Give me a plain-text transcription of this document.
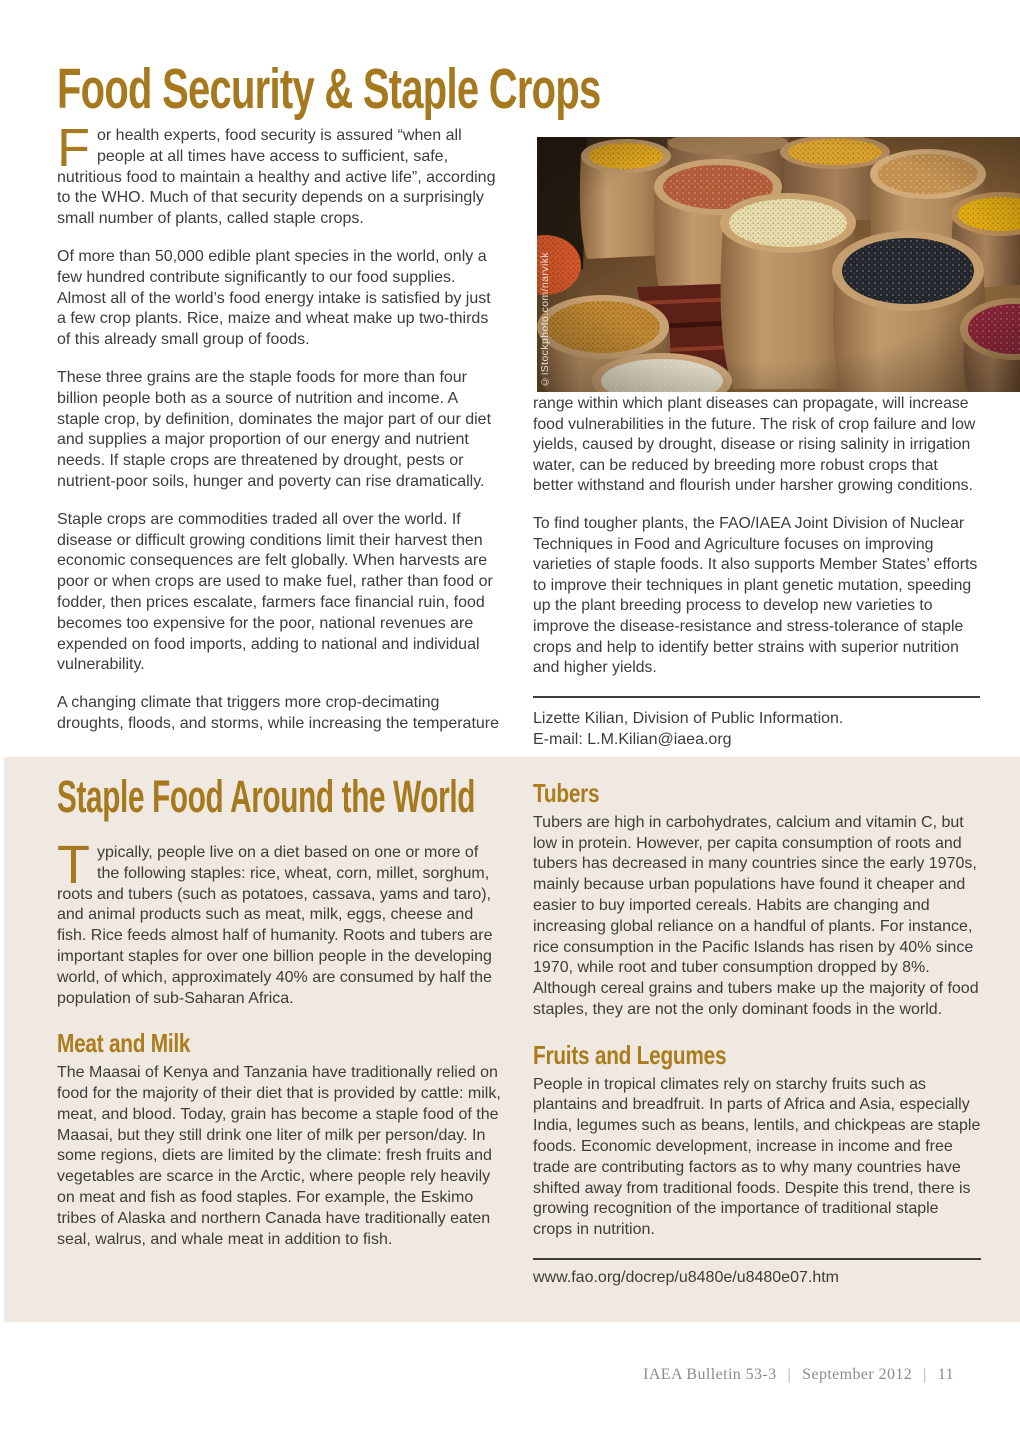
Food Security & Staple Crops

For health experts, food security is assured “when all people at all times have access to sufficient, safe, nutritious food to maintain a healthy and active life”, according to the WHO. Much of that security depends on a surprisingly small number of plants, called staple crops.

Of more than 50,000 edible plant species in the world, only a few hundred contribute significantly to our food supplies. Almost all of the world’s food energy intake is satisfied by just a few crop plants. Rice, maize and wheat make up two-thirds of this already small group of foods.

These three grains are the staple foods for more than four billion people both as a source of nutrition and income. A staple crop, by definition, dominates the major part of our diet and supplies a major proportion of our energy and nutrient needs. If staple crops are threatened by drought, pests or nutrient-poor soils, hunger and poverty can rise dramatically.

Staple crops are commodities traded all over the world. If disease or difficult growing conditions limit their harvest then economic consequences are felt globally. When harvests are poor or when crops are used to make fuel, rather than food or fodder, then prices escalate, farmers face financial ruin, food becomes too expensive for the poor, national revenues are expended on food imports, adding to national and individual vulnerability.

A changing climate that triggers more crop-decimating droughts, floods, and storms, while increasing the temperature

©iStockphoto.com/narvikk

range within which plant diseases can propagate, will increase food vulnerabilities in the future. The risk of crop failure and low yields, caused by drought, disease or rising salinity in irrigation water, can be reduced by breeding more robust crops that better withstand and flourish under harsher growing conditions.

To find tougher plants, the FAO/IAEA Joint Division of Nuclear Techniques in Food and Agriculture focuses on improving varieties of staple foods. It also supports Member States’ efforts to improve their techniques in plant genetic mutation, speeding up the plant breeding process to develop new varieties to improve the disease-resistance and stress-tolerance of staple crops and help to identify better strains with superior nutrition and higher yields.

Lizette Kilian, Division of Public Information.

E-mail: L.M.Kilian@iaea.org

Staple Food Around the World

Typically, people live on a diet based on one or more of the following staples: rice, wheat, corn, millet, sorghum, roots and tubers (such as potatoes, cassava, yams and taro), and animal products such as meat, milk, eggs, cheese and fish. Rice feeds almost half of humanity. Roots and tubers are important staples for over one billion people in the developing world, of which, approximately 40% are consumed by half the population of sub-Saharan Africa.

Meat and Milk

The Maasai of Kenya and Tanzania have traditionally relied on food for the majority of their diet that is provided by cattle: milk, meat, and blood. Today, grain has become a staple food of the Maasai, but they still drink one liter of milk per person/day. In some regions, diets are limited by the climate: fresh fruits and vegetables are scarce in the Arctic, where people rely heavily on meat and fish as food staples. For example, the Eskimo tribes of Alaska and northern Canada have traditionally eaten seal, walrus, and whale meat in addition to fish.

Tubers

Tubers are high in carbohydrates, calcium and vitamin C, but low in protein. However, per capita consumption of roots and tubers has decreased in many countries since the early 1970s, mainly because urban populations have found it cheaper and easier to buy imported cereals. Habits are changing and increasing global reliance on a handful of plants. For instance, rice consumption in the Pacific Islands has risen by 40% since 1970, while root and tuber consumption dropped by 8%. Although cereal grains and tubers make up the majority of food staples, they are not the only dominant foods in the world.

Fruits and Legumes

People in tropical climates rely on starchy fruits such as plantains and breadfruit. In parts of Africa and Asia, especially India, legumes such as beans, lentils, and chickpeas are staple foods. Economic development, increase in income and free trade are contributing factors as to why many countries have shifted away from traditional foods. Despite this trend, there is growing recognition of the importance of traditional staple crops in nutrition.

www.fao.org/docrep/u8480e/u8480e07.htm

IAEA Bulletin 53-3 | September 2012 | 11
